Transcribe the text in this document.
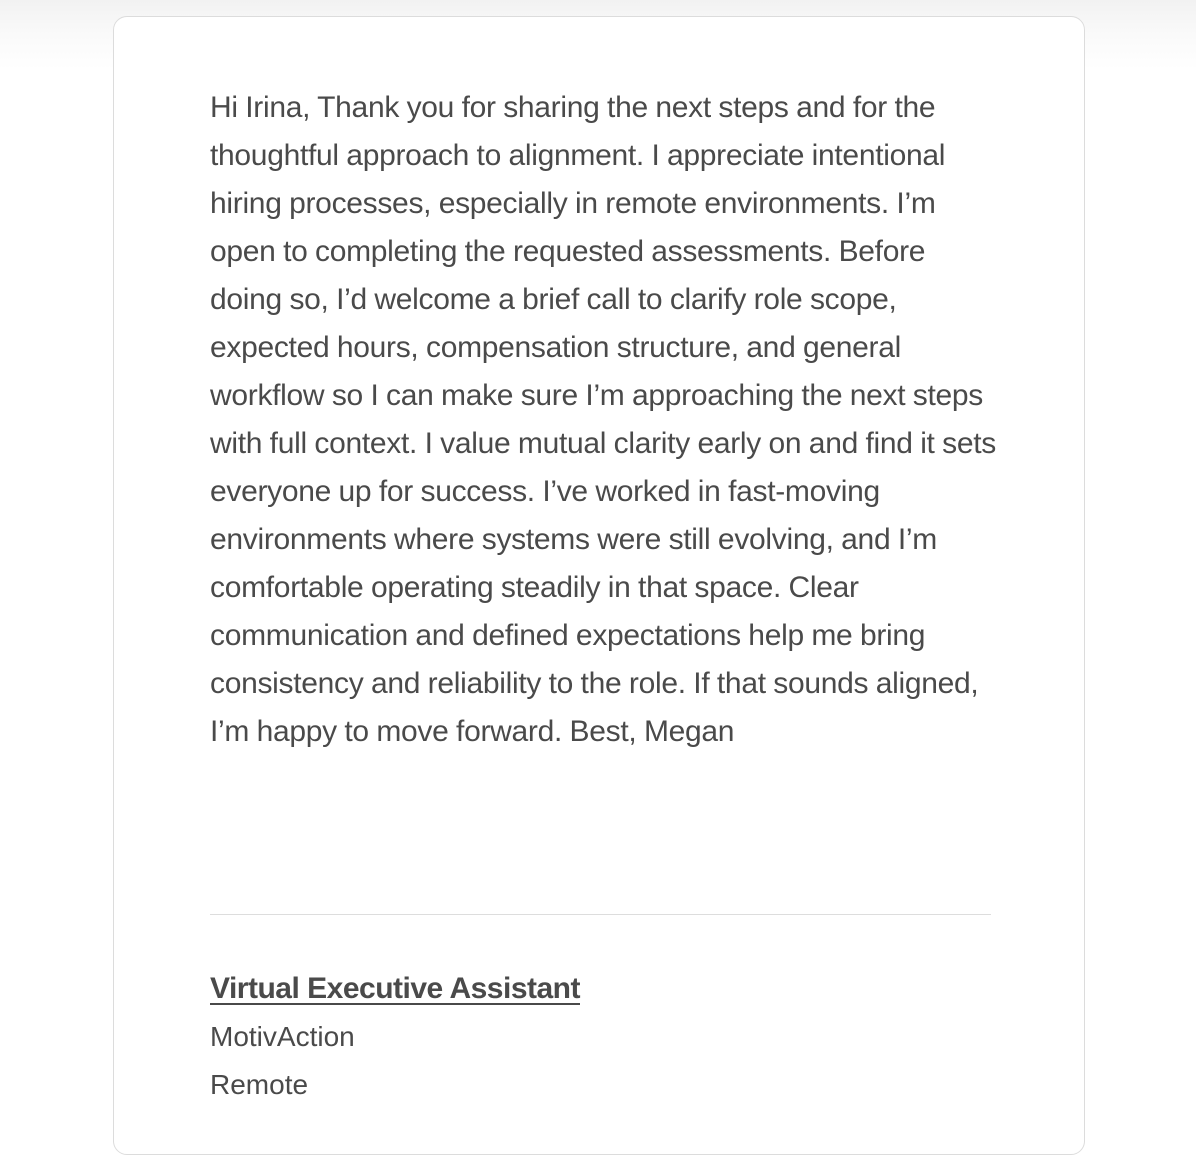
Hi Irina, Thank you for sharing the next steps and for the thoughtful approach to alignment. I appreciate intentional hiring processes, especially in remote environments. I’m open to completing the requested assessments. Before doing so, I’d welcome a brief call to clarify role scope, expected hours, compensation structure, and general workflow so I can make sure I’m approaching the next steps with full context. I value mutual clarity early on and find it sets everyone up for success. I’ve worked in fast-moving environments where systems were still evolving, and I’m comfortable operating steadily in that space. Clear communication and defined expectations help me bring consistency and reliability to the role. If that sounds aligned, I’m happy to move forward. Best, Megan
Virtual Executive Assistant
MotivAction
Remote
